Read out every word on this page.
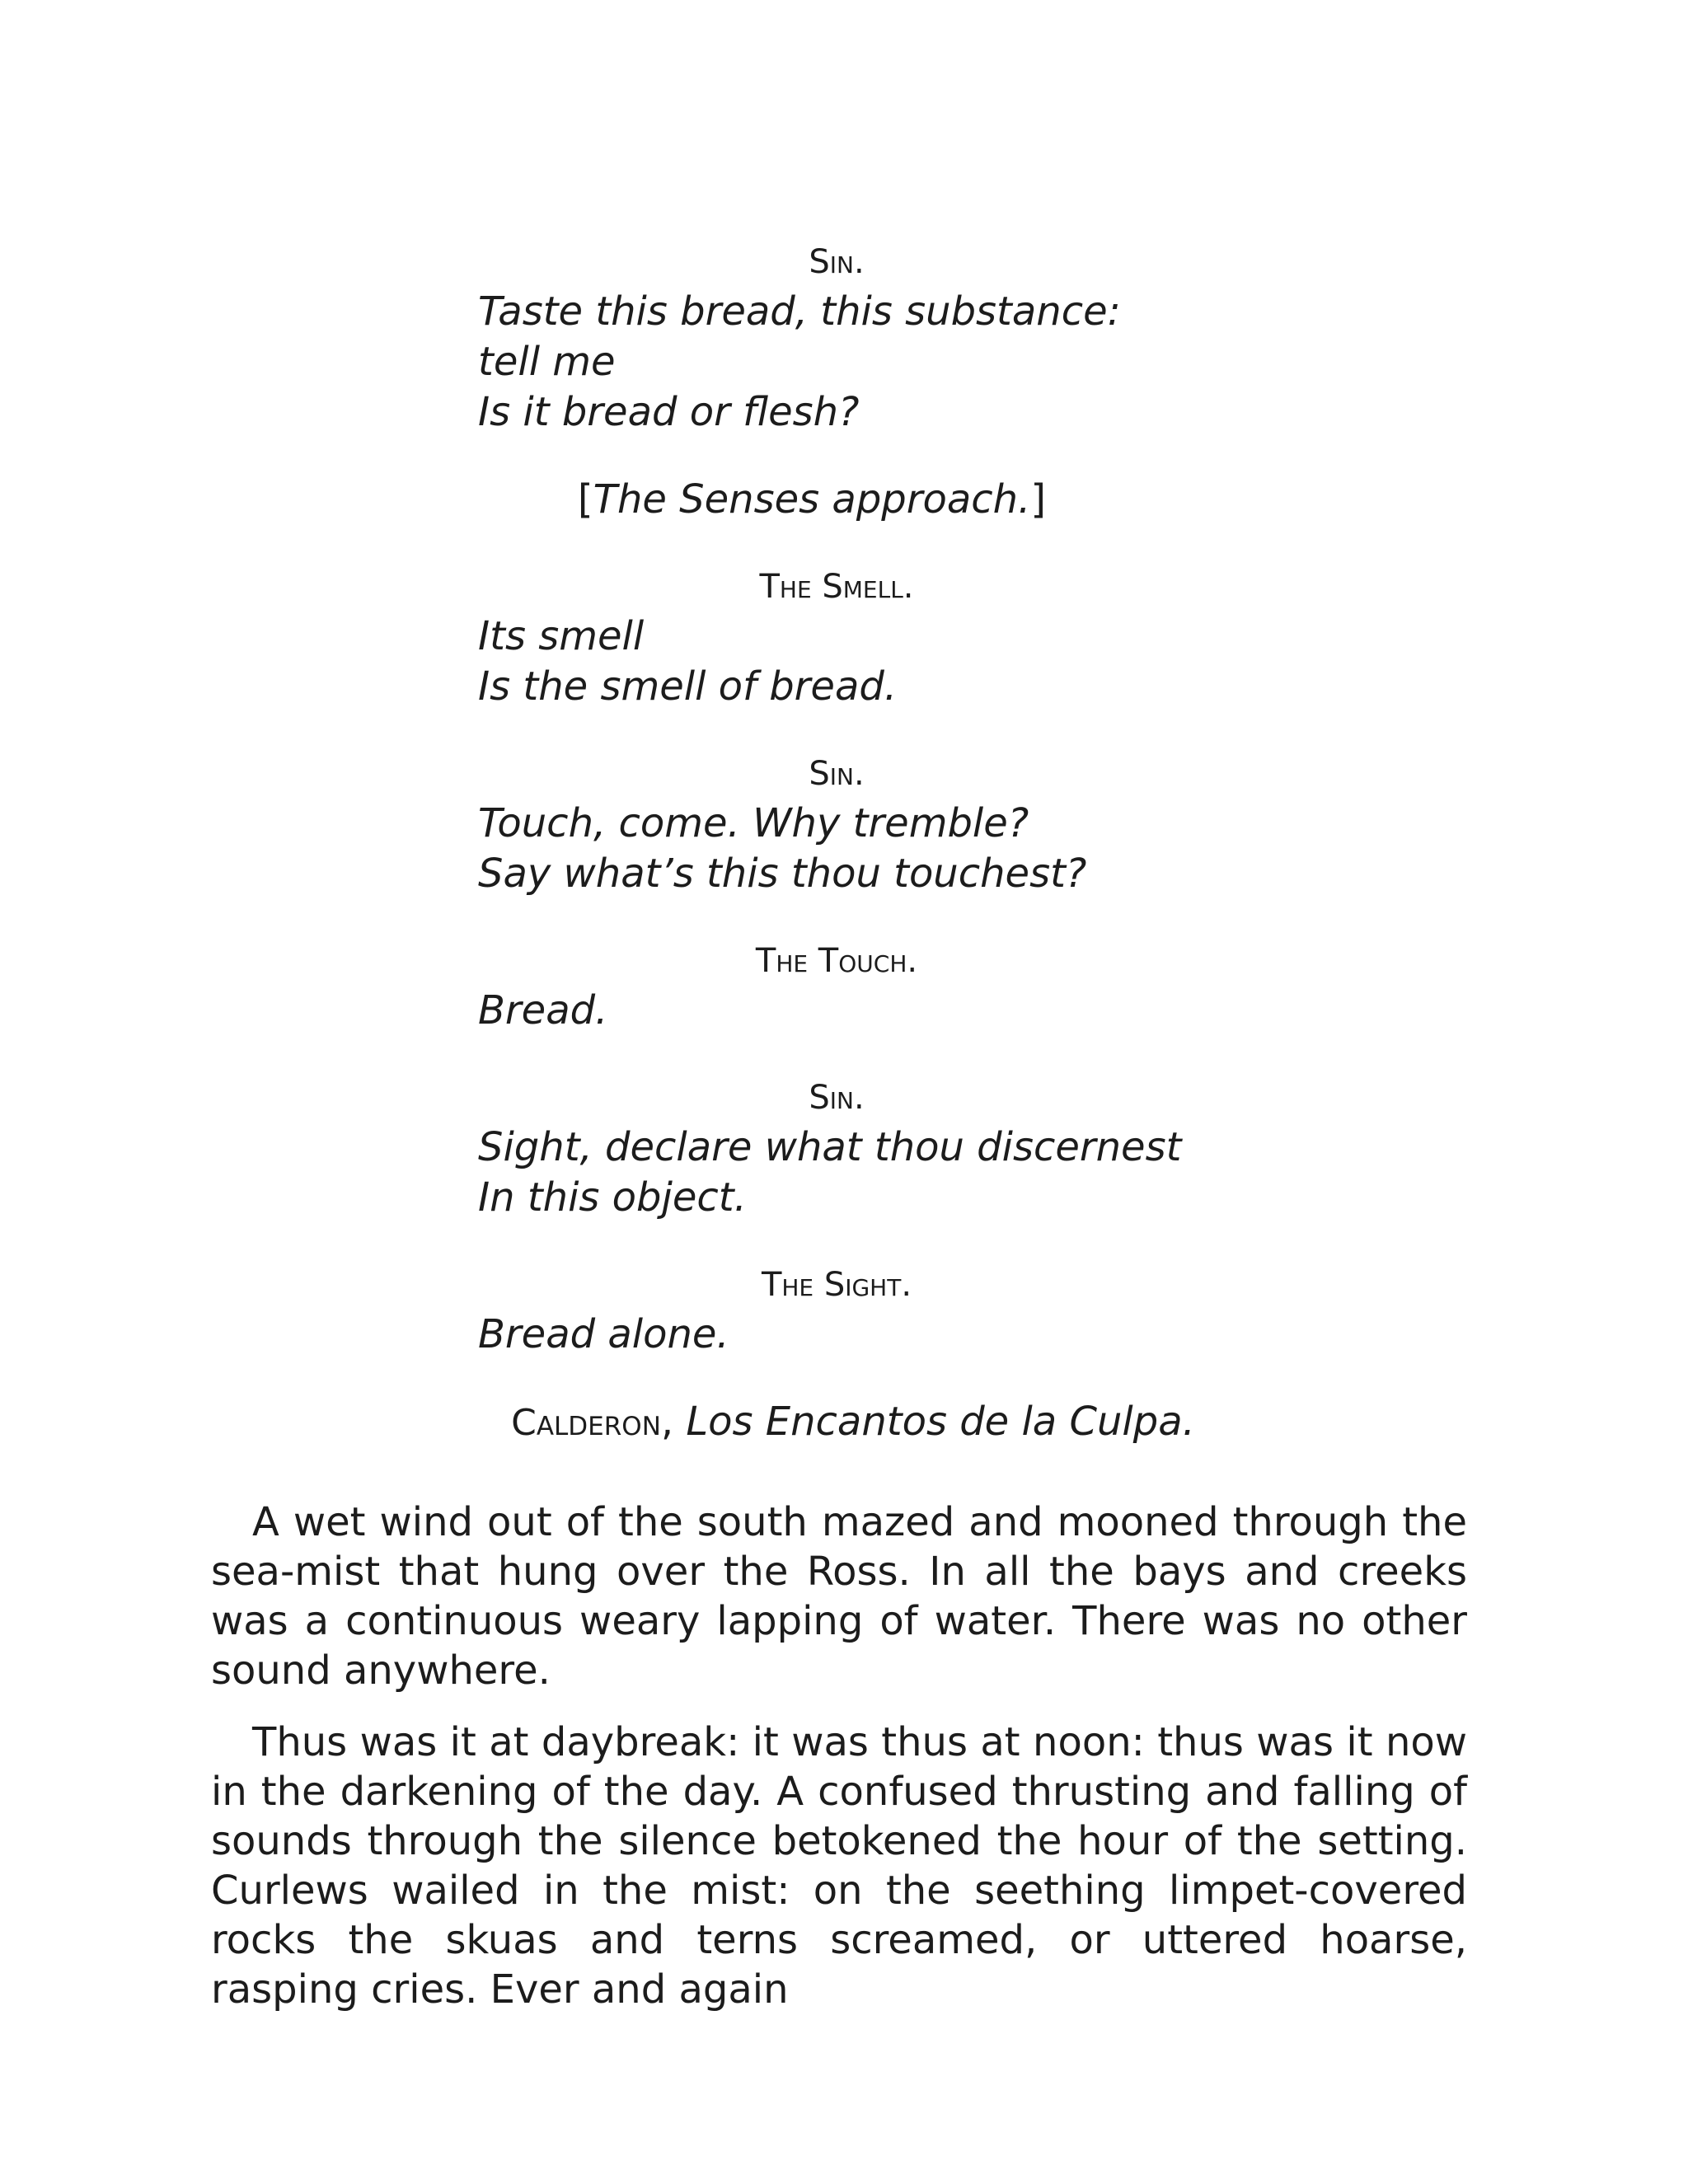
Sin.

Taste this bread, this substance: tell me

Is it bread or flesh?

[The Senses approach.]

The Smell.

Its smell

Is the smell of bread.

Sin.

Touch, come. Why tremble?

Say what’s this thou touchest?

The Touch.

Bread.

Sin.

Sight, declare what thou discernest

In this object.

The Sight.

Bread alone.

Calderon, Los Encantos de la Culpa.

A wet wind out of the south mazed and mooned through the sea-mist that hung over the Ross. In all the bays and creeks was a continuous weary lapping of water. There was no other sound anywhere.

Thus was it at daybreak: it was thus at noon: thus was it now in the darkening of the day. A confused thrusting and falling of sounds through the silence betokened the hour of the setting. Curlews wailed in the mist: on the seething limpet-covered rocks the skuas and terns screamed, or uttered hoarse, rasping cries. Ever and again
